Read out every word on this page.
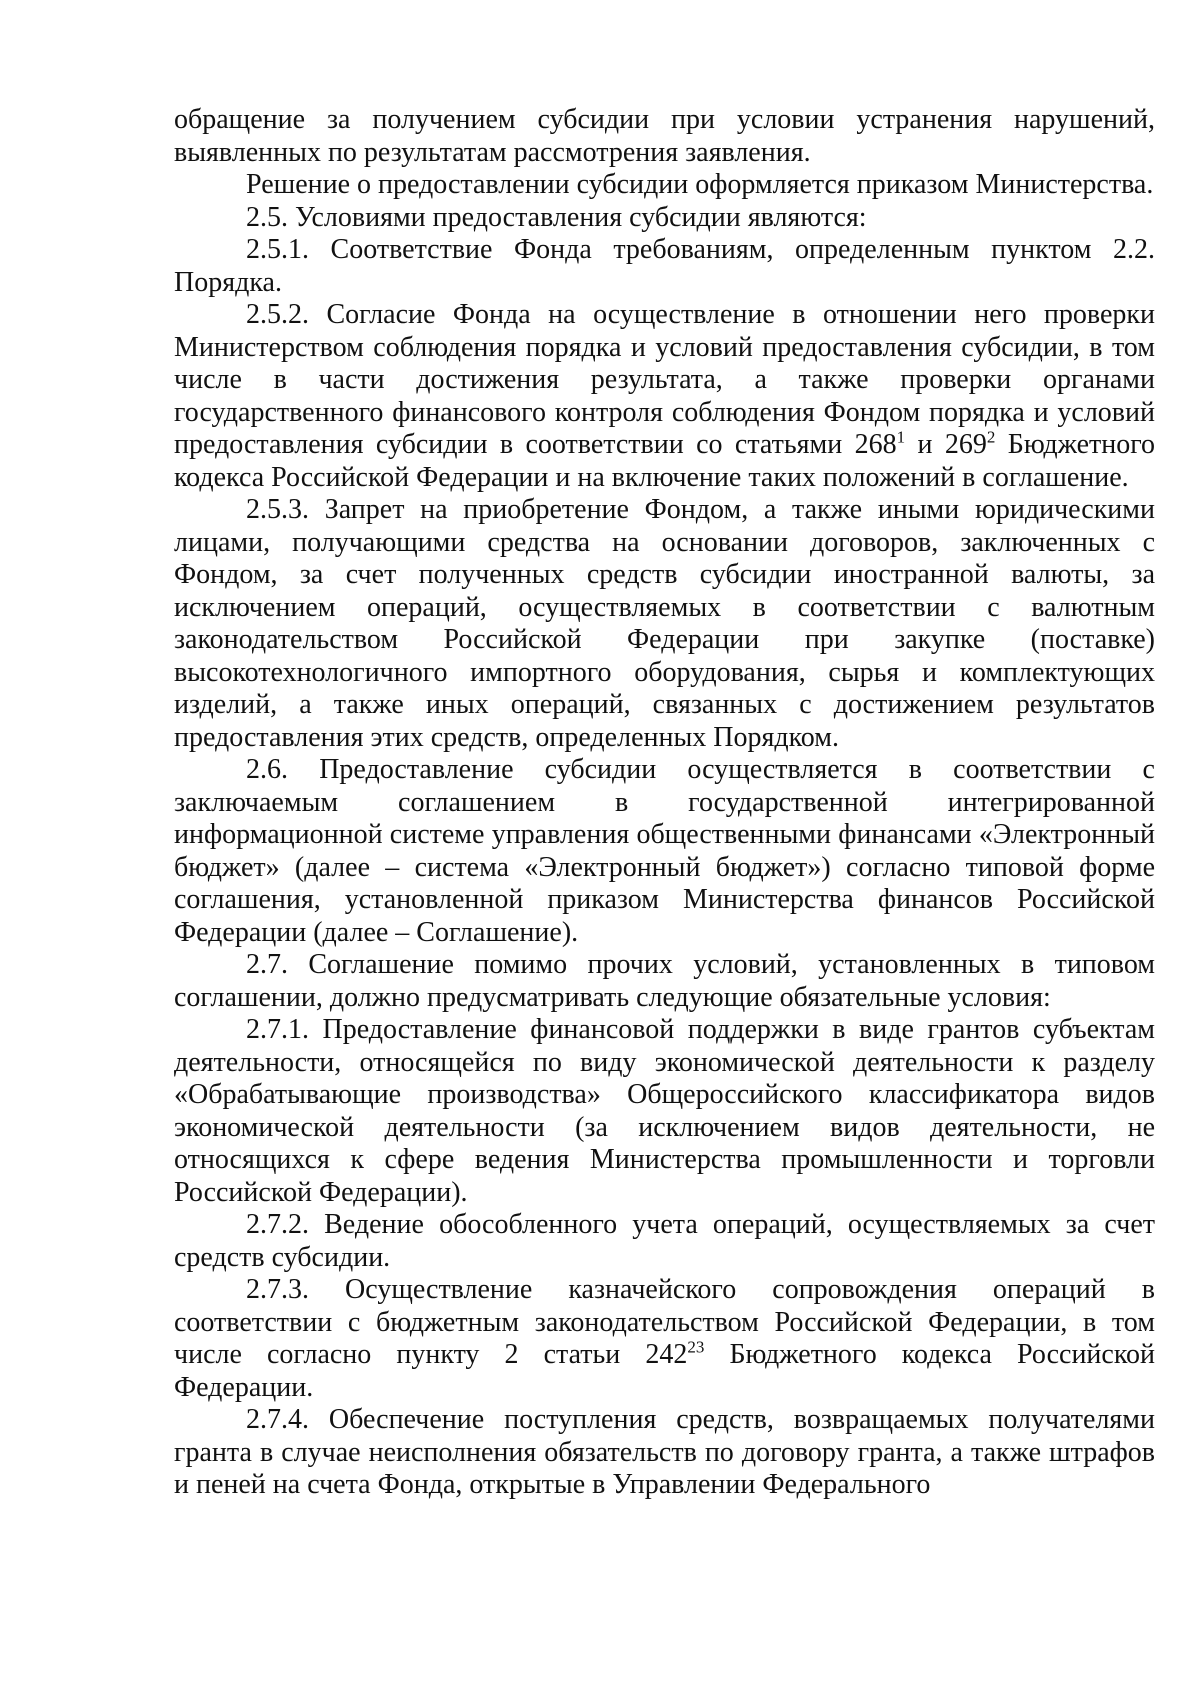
обращение за получением субсидии при условии устранения нарушений, выявленных по результатам рассмотрения заявления.

Решение о предоставлении субсидии оформляется приказом Министерства.

2.5. Условиями предоставления субсидии являются:

2.5.1. Соответствие Фонда требованиям, определенным пунктом 2.2. Порядка.

2.5.2. Согласие Фонда на осуществление в отношении него проверки Министерством соблюдения порядка и условий предоставления субсидии, в том числе в части достижения результата, а также проверки органами государственного финансового контроля соблюдения Фондом порядка и условий предоставления субсидии в соответствии со статьями $268^1$ и $269^2$ Бюджетного кодекса Российской Федерации и на включение таких положений в соглашение.

2.5.3. Запрет на приобретение Фондом, а также иными юридическими лицами, получающими средства на основании договоров, заключенных с Фондом, за счет полученных средств субсидии иностранной валюты, за исключением операций, осуществляемых в соответствии с валютным законодательством Российской Федерации при закупке (поставке) высокотехнологичного импортного оборудования, сырья и комплектующих изделий, а также иных операций, связанных с достижением результатов предоставления этих средств, определенных Порядком.

2.6. Предоставление субсидии осуществляется в соответствии с заключаемым соглашением в государственной интегрированной информационной системе управления общественными финансами «Электронный бюджет» (далее – система «Электронный бюджет») согласно типовой форме соглашения, установленной приказом Министерства финансов Российской Федерации (далее – Соглашение).

2.7. Соглашение помимо прочих условий, установленных в типовом соглашении, должно предусматривать следующие обязательные условия:

2.7.1. Предоставление финансовой поддержки в виде грантов субъектам деятельности, относящейся по виду экономической деятельности к разделу «Обрабатывающие производства» Общероссийского классификатора видов экономической деятельности (за исключением видов деятельности, не относящихся к сфере ведения Министерства промышленности и торговли Российской Федерации).

2.7.2. Ведение обособленного учета операций, осуществляемых за счет средств субсидии.

2.7.3. Осуществление казначейского сопровождения операций в соответствии с бюджетным законодательством Российской Федерации, в том числе согласно пункту 2 статьи $242^{23}$ Бюджетного кодекса Российской Федерации.

2.7.4. Обеспечение поступления средств, возвращаемых получателями гранта в случае неисполнения обязательств по договору гранта, а также штрафов и пеней на счета Фонда, открытые в Управлении Федерального
